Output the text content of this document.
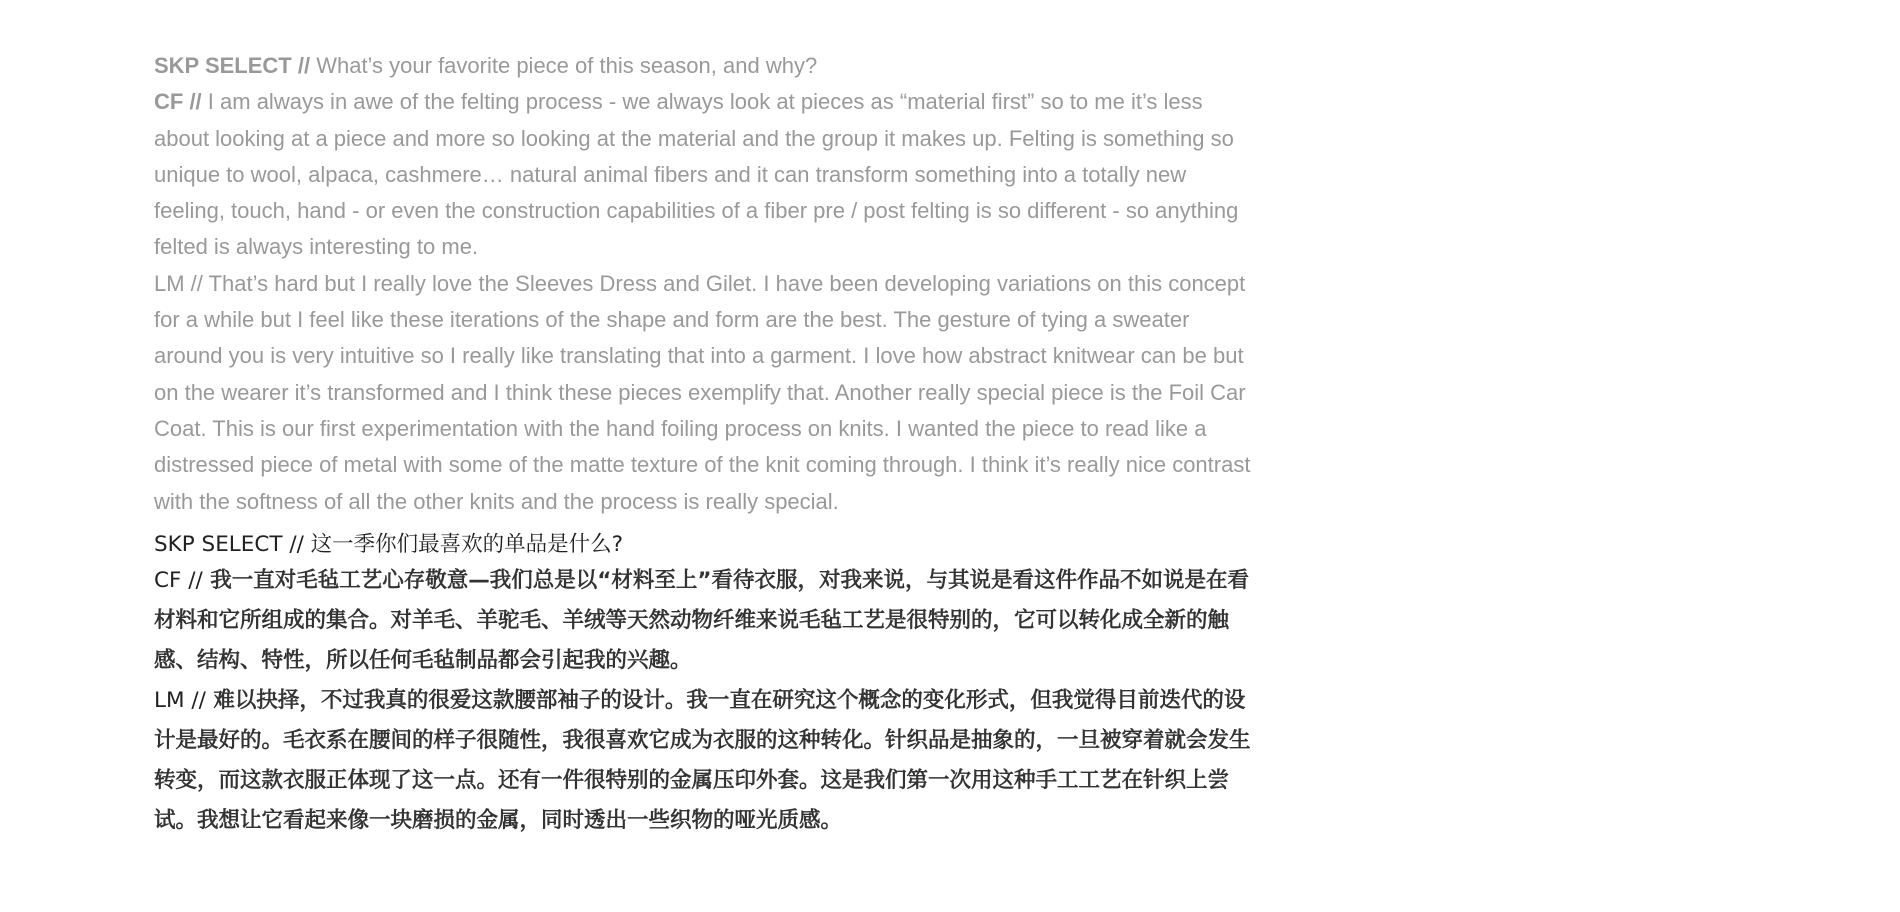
SKP SELECT // What’s your favorite piece of this season, and why?

CF // I am always in awe of the felting process - we always look at pieces as “material first” so to me it’s less about looking at a piece and more so looking at the material and the group it makes up. Felting is something so unique to wool, alpaca, cashmere… natural animal fibers and it can transform something into a totally new feeling, touch, hand - or even the construction capabilities of a fiber pre / post felting is so different - so anything felted is always interesting to me.

LM // That’s hard but I really love the Sleeves Dress and Gilet. I have been developing variations on this concept for a while but I feel like these iterations of the shape and form are the best. The gesture of tying a sweater around you is very intuitive so I really like translating that into a garment. I love how abstract knitwear can be but on the wearer it’s transformed and I think these pieces exemplify that. Another really special piece is the Foil Car Coat. This is our first experimentation with the hand foiling process on knits. I wanted the piece to read like a distressed piece of metal with some of the matte texture of the knit coming through. I think it’s really nice contrast with the softness of all the other knits and the process is really special.

SKP SELECT // 这一季你们最喜欢的单品是什么?

CF // 我一直对毛毡工艺心存敬意—我们总是以“材料至上”看待衣服，对我来说，与其说是看这件作品不如说是在看材料和它所组成的集合。对羊毛、羊驼毛、羊绒等天然动物纤维来说毛毡工艺是很特别的，它可以转化成全新的触感、结构、特性，所以任何毛毡制品都会引起我的兴趣。

LM // 难以抉择，不过我真的很爱这款腰部袖子的设计。我一直在研究这个概念的变化形式，但我觉得目前迭代的设计是最好的。毛衣系在腰间的样子很随性，我很喜欢它成为衣服的这种转化。针织品是抽象的，一旦被穿着就会发生转变，而这款衣服正体现了这一点。还有一件很特别的金属压印外套。这是我们第一次用这种手工工艺在针织上尝试。我想让它看起来像一块磨损的金属，同时透出一些织物的哑光质感。
